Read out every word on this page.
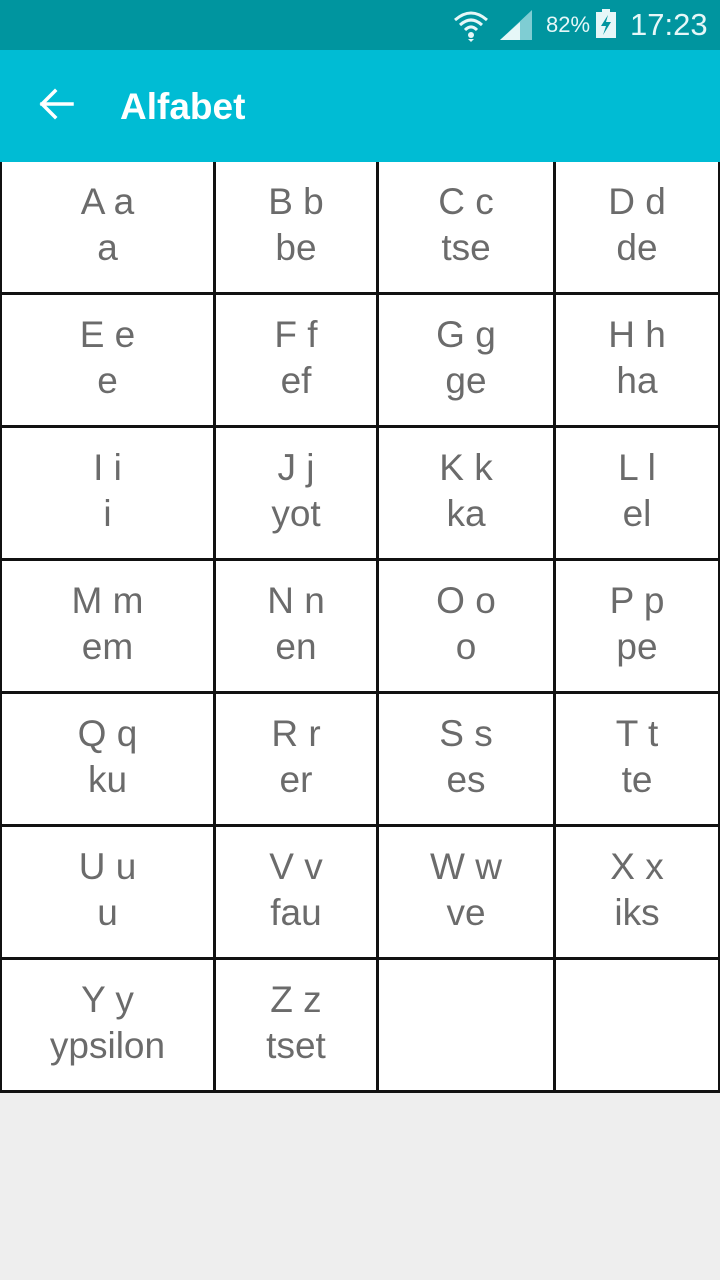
82% 17:23
Alfabet
A a
a
B b
be
C c
tse
D d
de
E e
e
F f
ef
G g
ge
H h
ha
I i
i
J j
yot
K k
ka
L l
el
M m
em
N n
en
O o
o
P p
pe
Q q
ku
R r
er
S s
es
T t
te
U u
u
V v
fau
W w
ve
X x
iks
Y y
ypsilon
Z z
tset
